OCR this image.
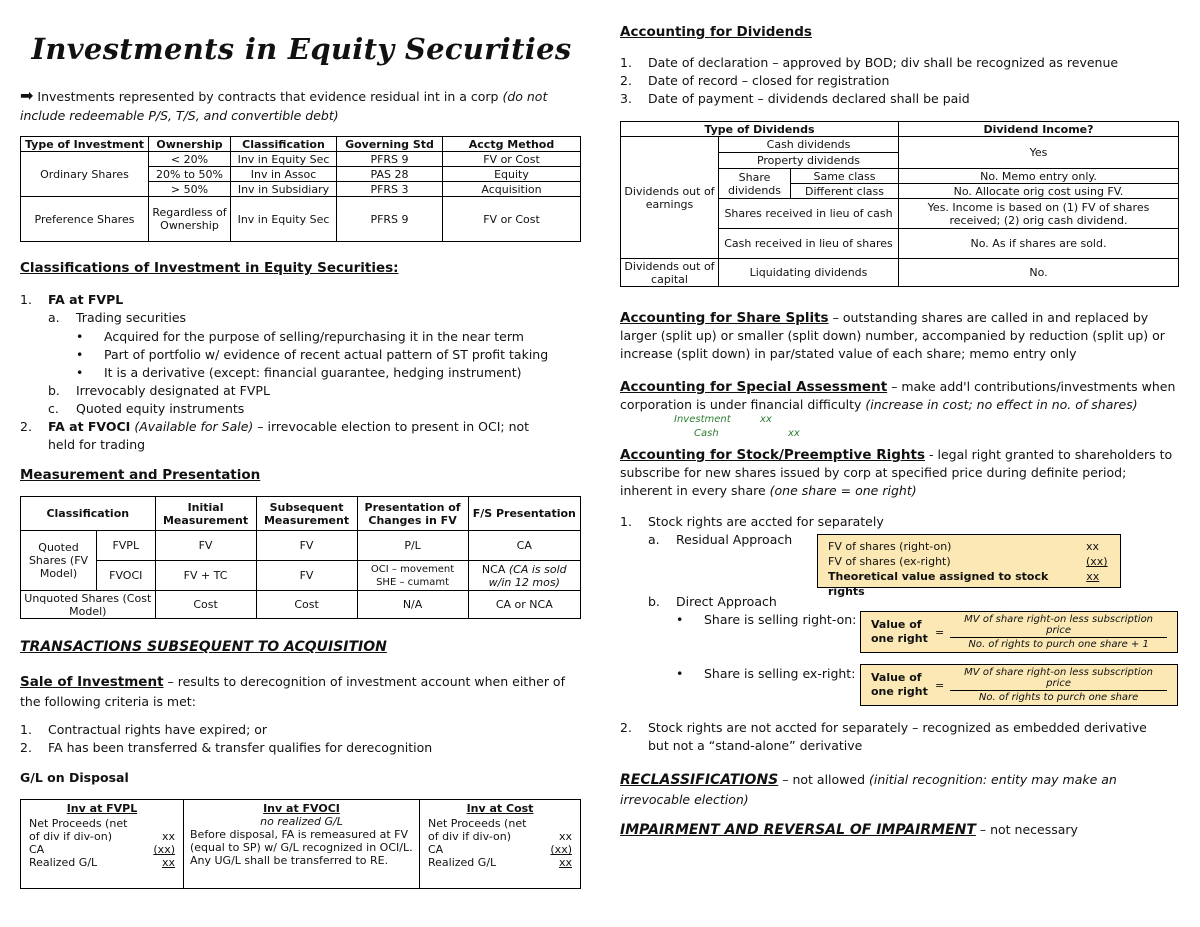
Investments in Equity Securities
➡ Investments represented by contracts that evidence residual int in a corp (do not include redeemable P/S, T/S, and convertible debt)
Type of Investment	Ownership	Classification	Governing Std	Acctg Method
Ordinary Shares	< 20%	Inv in Equity Sec	PFRS 9	FV or Cost
	20% to 50%	Inv in Assoc	PAS 28	Equity
	> 50%	Inv in Subsidiary	PFRS 3	Acquisition
Preference Shares	Regardless of Ownership	Inv in Equity Sec	PFRS 9	FV or Cost
Classifications of Investment in Equity Securities:
1. FA at FVPL
a. Trading securities
• Acquired for the purpose of selling/repurchasing it in the near term
• Part of portfolio w/ evidence of recent actual pattern of ST profit taking
• It is a derivative (except: financial guarantee, hedging instrument)
b. Irrevocably designated at FVPL
c. Quoted equity instruments
2. FA at FVOCI (Available for Sale) – irrevocable election to present in OCI; not
held for trading
Measurement and Presentation
Classification		Initial Measurement	Subsequent Measurement	Presentation of Changes in FV	F/S Presentation
Quoted Shares (FV Model)	FVPL	FV	FV	P/L	CA
	FVOCI	FV + TC	FV	OCI – movement SHE – cumamt	NCA (CA is sold w/in 12 mos)
Unquoted Shares (Cost Model)		Cost	Cost	N/A	CA or NCA
TRANSACTIONS SUBSEQUENT TO ACQUISITION
Sale of Investment – results to derecognition of investment account when either of the following criteria is met:
1. Contractual rights have expired; or
2. FA has been transferred & transfer qualifies for derecognition
G/L on Disposal
Inv at FVPL
Net Proceeds (net of div if div-on)	xx
CA	(xx)
Realized G/L	xx

Inv at FVOCI
no realized G/L
Before disposal, FA is remeasured at FV (equal to SP) w/ G/L recognized in OCI/L. Any UG/L shall be transferred to RE.

Inv at Cost
Net Proceeds (net of div if div-on)	xx
CA	(xx)
Realized G/L	xx
Accounting for Dividends
1. Date of declaration – approved by BOD; div shall be recognized as revenue
2. Date of record – closed for registration
3. Date of payment – dividends declared shall be paid
Type of Dividends			Dividend Income?
Dividends out of earnings	Cash dividends		Yes
	Property dividends		
	Share dividends	Same class	No. Memo entry only.
		Different class	No. Allocate orig cost using FV.
	Shares received in lieu of cash		Yes. Income is based on (1) FV of shares received; (2) orig cash dividend.
	Cash received in lieu of shares		No. As if shares are sold.
Dividends out of capital	Liquidating dividends		No.
Accounting for Share Splits – outstanding shares are called in and replaced by larger (split up) or smaller (split down) number, accompanied by reduction (split up) or increase (split down) in par/stated value of each share; memo entry only
Accounting for Special Assessment – make add'l contributions/investments when corporation is under financial difficulty (increase in cost; no effect in no. of shares)
Investment	xx
Cash	xx
Accounting for Stock/Preemptive Rights - legal right granted to shareholders to subscribe for new shares issued by corp at specified price during definite period; inherent in every share (one share = one right)
1. Stock rights are accted for separately
a. Residual Approach	FV of shares (right-on)	xx
FV of shares (ex-right)	(xx)
Theoretical value assigned to stock rights
xx
b. Direct Approach
• Share is selling right-on: Value of one right = $\frac{\text{MV of share right-on less subscription price}}{\text{No. of rights to purch one share + 1}}$
• Share is selling ex-right: Value of one right = $\frac{\text{MV of share right-on less subscription price}}{\text{No. of rights to purch one share}}$
2. Stock rights are not accted for separately – recognized as embedded derivative
but not a “stand-alone” derivative
RECLASSIFICATIONS – not allowed (initial recognition: entity may make an irrevocable election)
IMPAIRMENT AND REVERSAL OF IMPAIRMENT – not necessary
